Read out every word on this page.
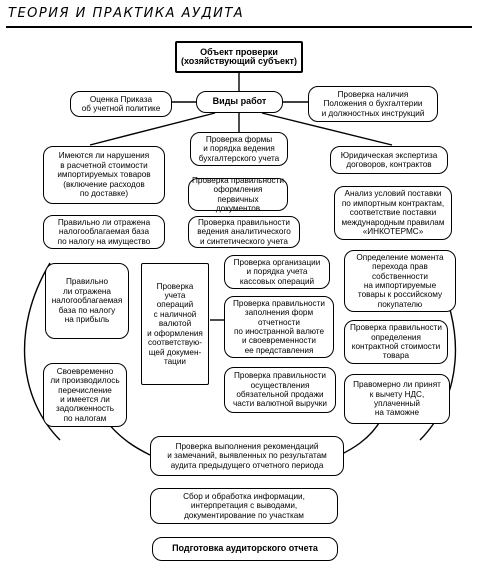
ТЕОРИЯ И ПРАКТИКА АУДИТА
Объект проверки
(хозяйствующий субъект)
Виды работ
Оценка Приказа
об учетной политике
Проверка наличия
Положения о бухгалтерии
и должностных инструкций
Проверка формы
и порядка ведения
бухгалтерского учета
Имеются ли нарушения
в расчетной стоимости
импортируемых товаров
(включение расходов
по доставке)
Юридическая экспертиза
договоров, контрактов
Проверка правильности
оформления первичных
документов
Правильно ли отражена
налогооблагаемая база
по налогу на имущество
Анализ условий поставки
по импортным контрактам,
соответствие поставки
международным правилам
«ИНКОТЕРМС»
Проверка правильности
ведения аналитического
и синтетического учета
Правильно
ли отражена
налогооблагаемая
база по налогу
на прибыль
Проверка
учета
операций
с наличной
валютой
и оформления
соответствую-
щей докумен-
тации
Проверка организации
и порядка учета
кассовых операций
Определение момента
перехода прав
собственности
на импортируемые
товары к российскому
покупателю
Проверка правильности
заполнения форм
отчетности
по иностранной валюте
и своевременности
ее представления
Проверка правильности
определения
контрактной стоимости
товара
Своевременно
ли производилось
перечисление
и имеется ли
задолженность
по налогам
Проверка правильности
осуществления
обязательной продажи
части валютной выручки
Правомерно ли принят
к вычету НДС,
уплаченный
на таможне
Проверка выполнения рекомендаций
и замечаний, выявленных по результатам
аудита предыдущего отчетного периода
Сбор и обработка информации,
интерпретация с выводами,
документирование по участкам
Подготовка аудиторского отчета
